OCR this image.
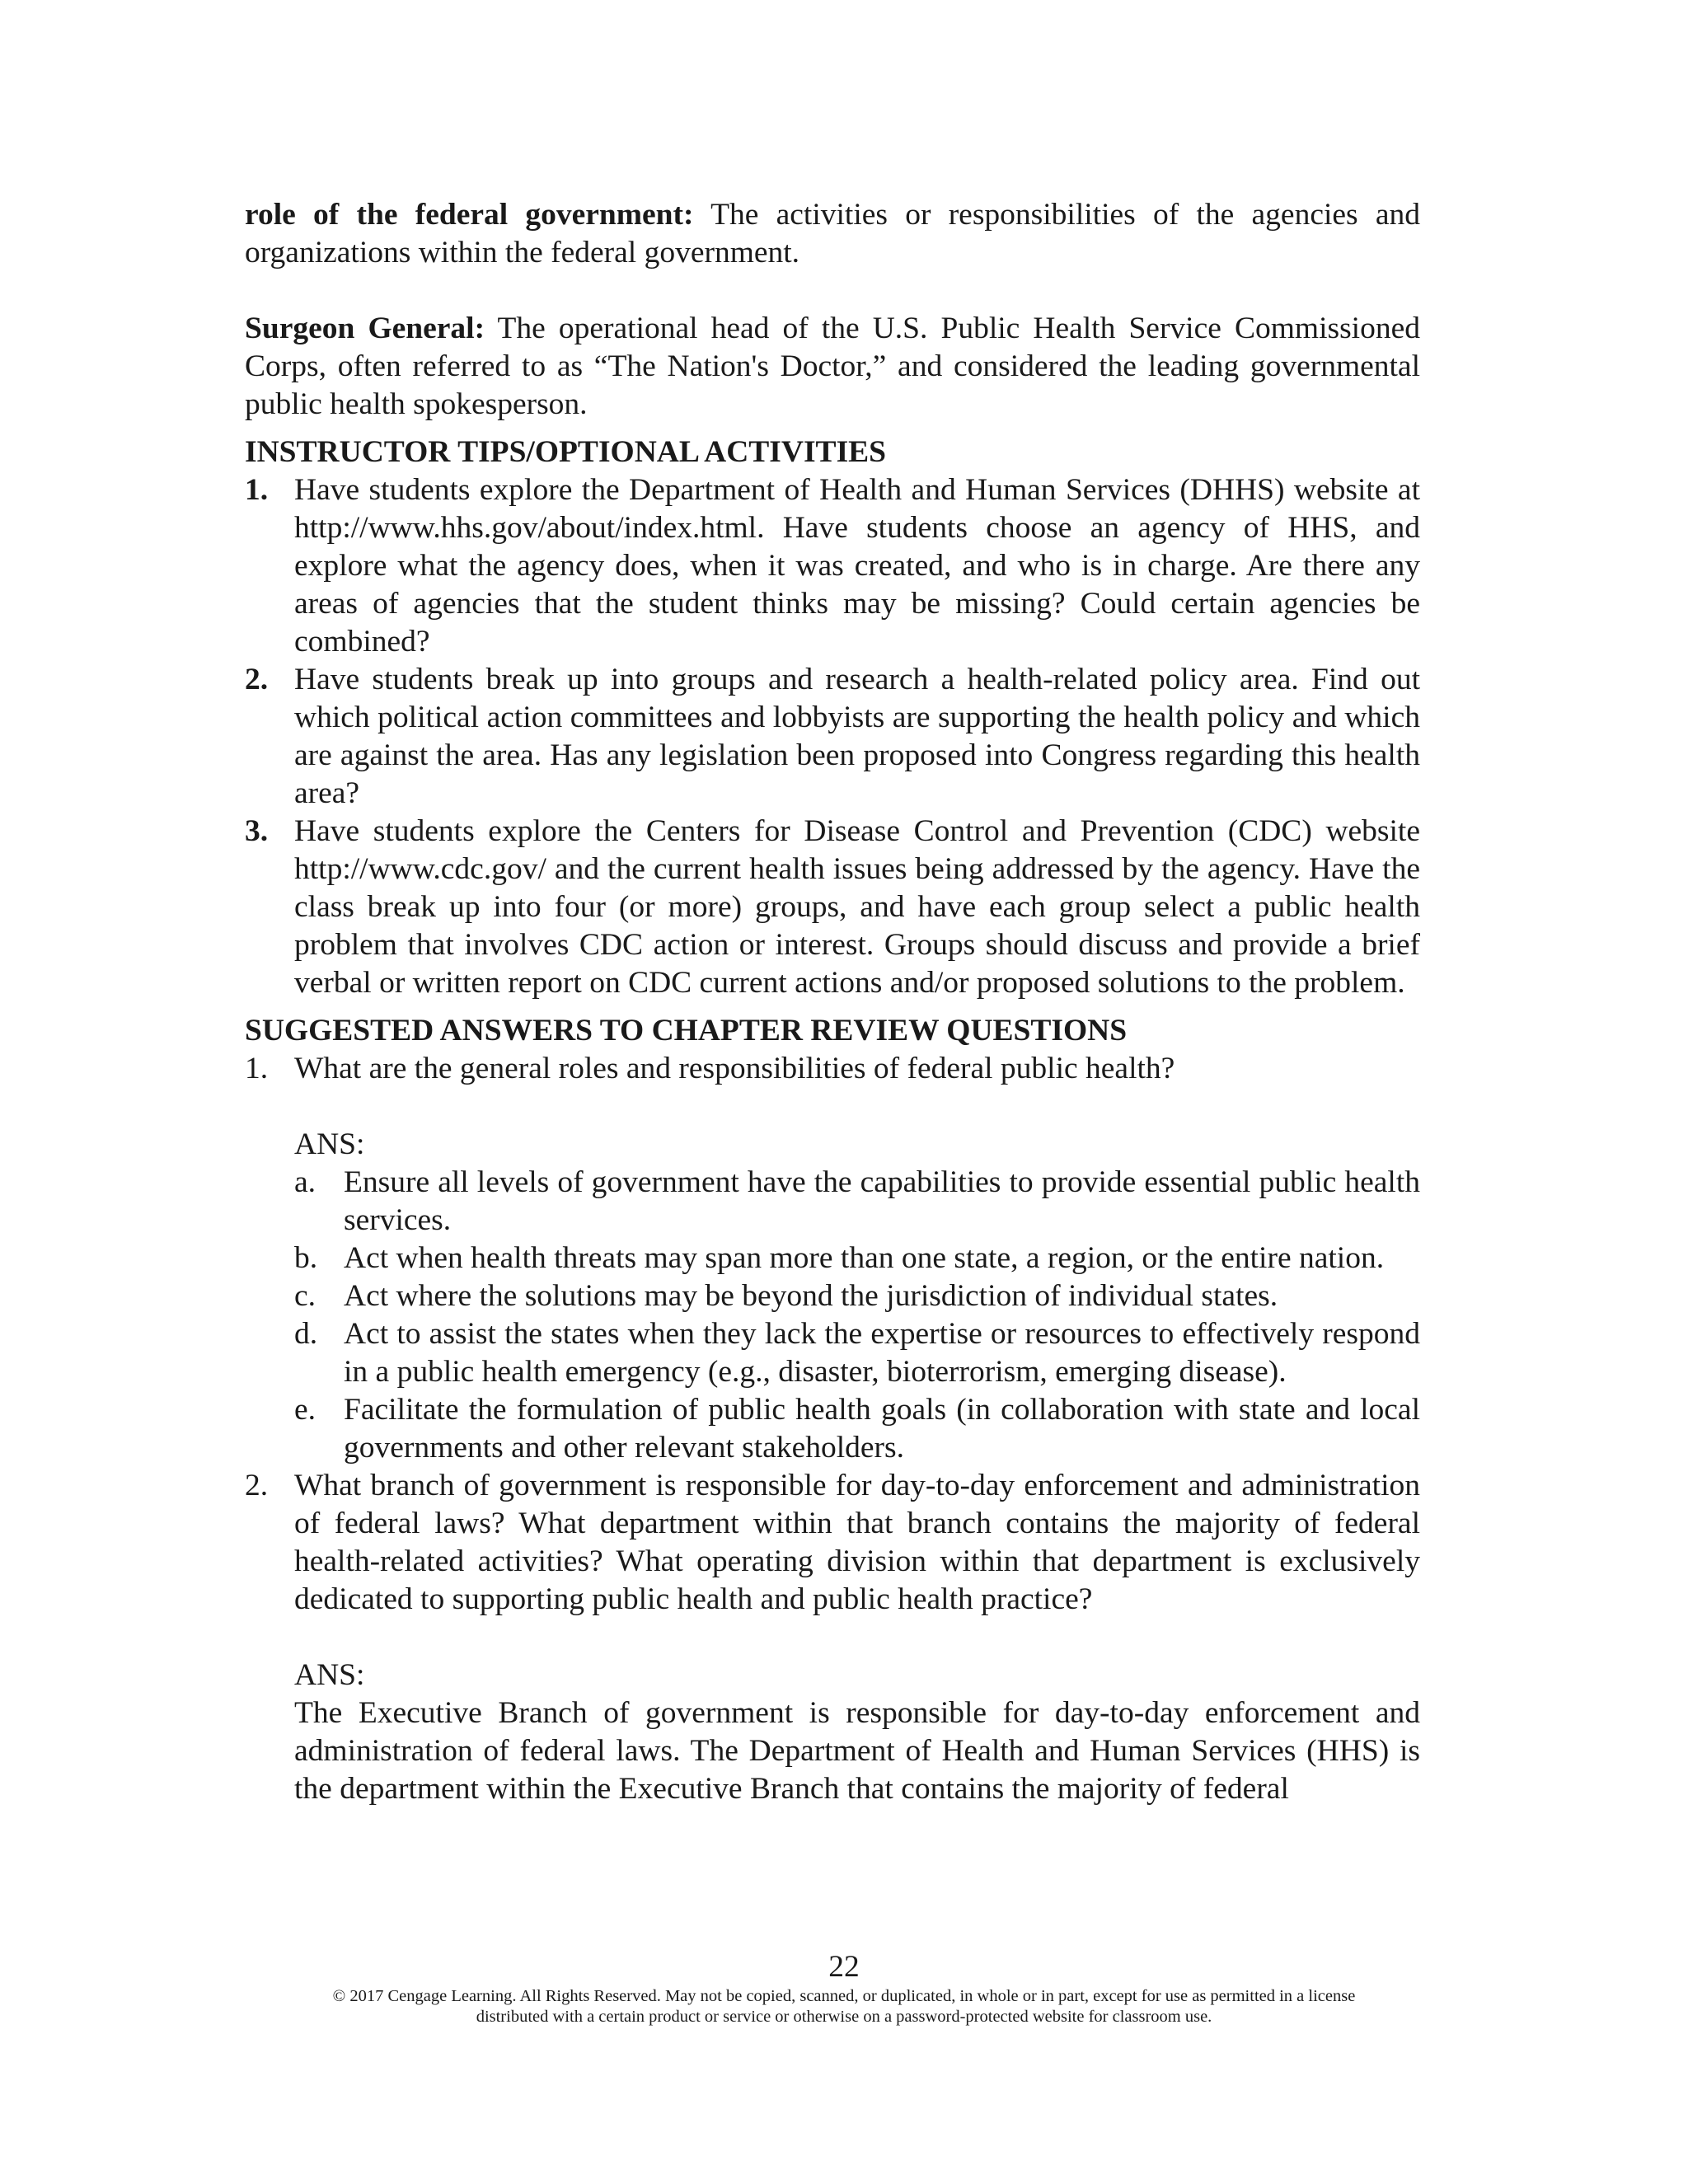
role of the federal government: The activities or responsibilities of the agencies and organizations within the federal government.

Surgeon General: The operational head of the U.S. Public Health Service Commissioned Corps, often referred to as “The Nation's Doctor,” and considered the leading governmental public health spokesperson.

INSTRUCTOR TIPS/OPTIONAL ACTIVITIES
1. Have students explore the Department of Health and Human Services (DHHS) website at http://www.hhs.gov/about/index.html. Have students choose an agency of HHS, and explore what the agency does, when it was created, and who is in charge. Are there any areas of agencies that the student thinks may be missing? Could certain agencies be combined?
2. Have students break up into groups and research a health-related policy area. Find out which political action committees and lobbyists are supporting the health policy and which are against the area. Has any legislation been proposed into Congress regarding this health area?
3. Have students explore the Centers for Disease Control and Prevention (CDC) website http://www.cdc.gov/ and the current health issues being addressed by the agency. Have the class break up into four (or more) groups, and have each group select a public health problem that involves CDC action or interest. Groups should discuss and provide a brief verbal or written report on CDC current actions and/or proposed solutions to the problem.
SUGGESTED ANSWERS TO CHAPTER REVIEW QUESTIONS
1. What are the general roles and responsibilities of federal public health?

ANS:

a. Ensure all levels of government have the capabilities to provide essential public health services.
b. Act when health threats may span more than one state, a region, or the entire nation.
c. Act where the solutions may be beyond the jurisdiction of individual states.
d. Act to assist the states when they lack the expertise or resources to effectively respond in a public health emergency (e.g., disaster, bioterrorism, emerging disease).
e. Facilitate the formulation of public health goals (in collaboration with state and local governments and other relevant stakeholders.
2. What branch of government is responsible for day-to-day enforcement and administration of federal laws? What department within that branch contains the majority of federal health-related activities? What operating division within that department is exclusively dedicated to supporting public health and public health practice?

ANS:

The Executive Branch of government is responsible for day-to-day enforcement and administration of federal laws. The Department of Health and Human Services (HHS) is the department within the Executive Branch that contains the majority of federal

22
© 2017 Cengage Learning. All Rights Reserved. May not be copied, scanned, or duplicated, in whole or in part, except for use as permitted in a license
distributed with a certain product or service or otherwise on a password-protected website for classroom use.
